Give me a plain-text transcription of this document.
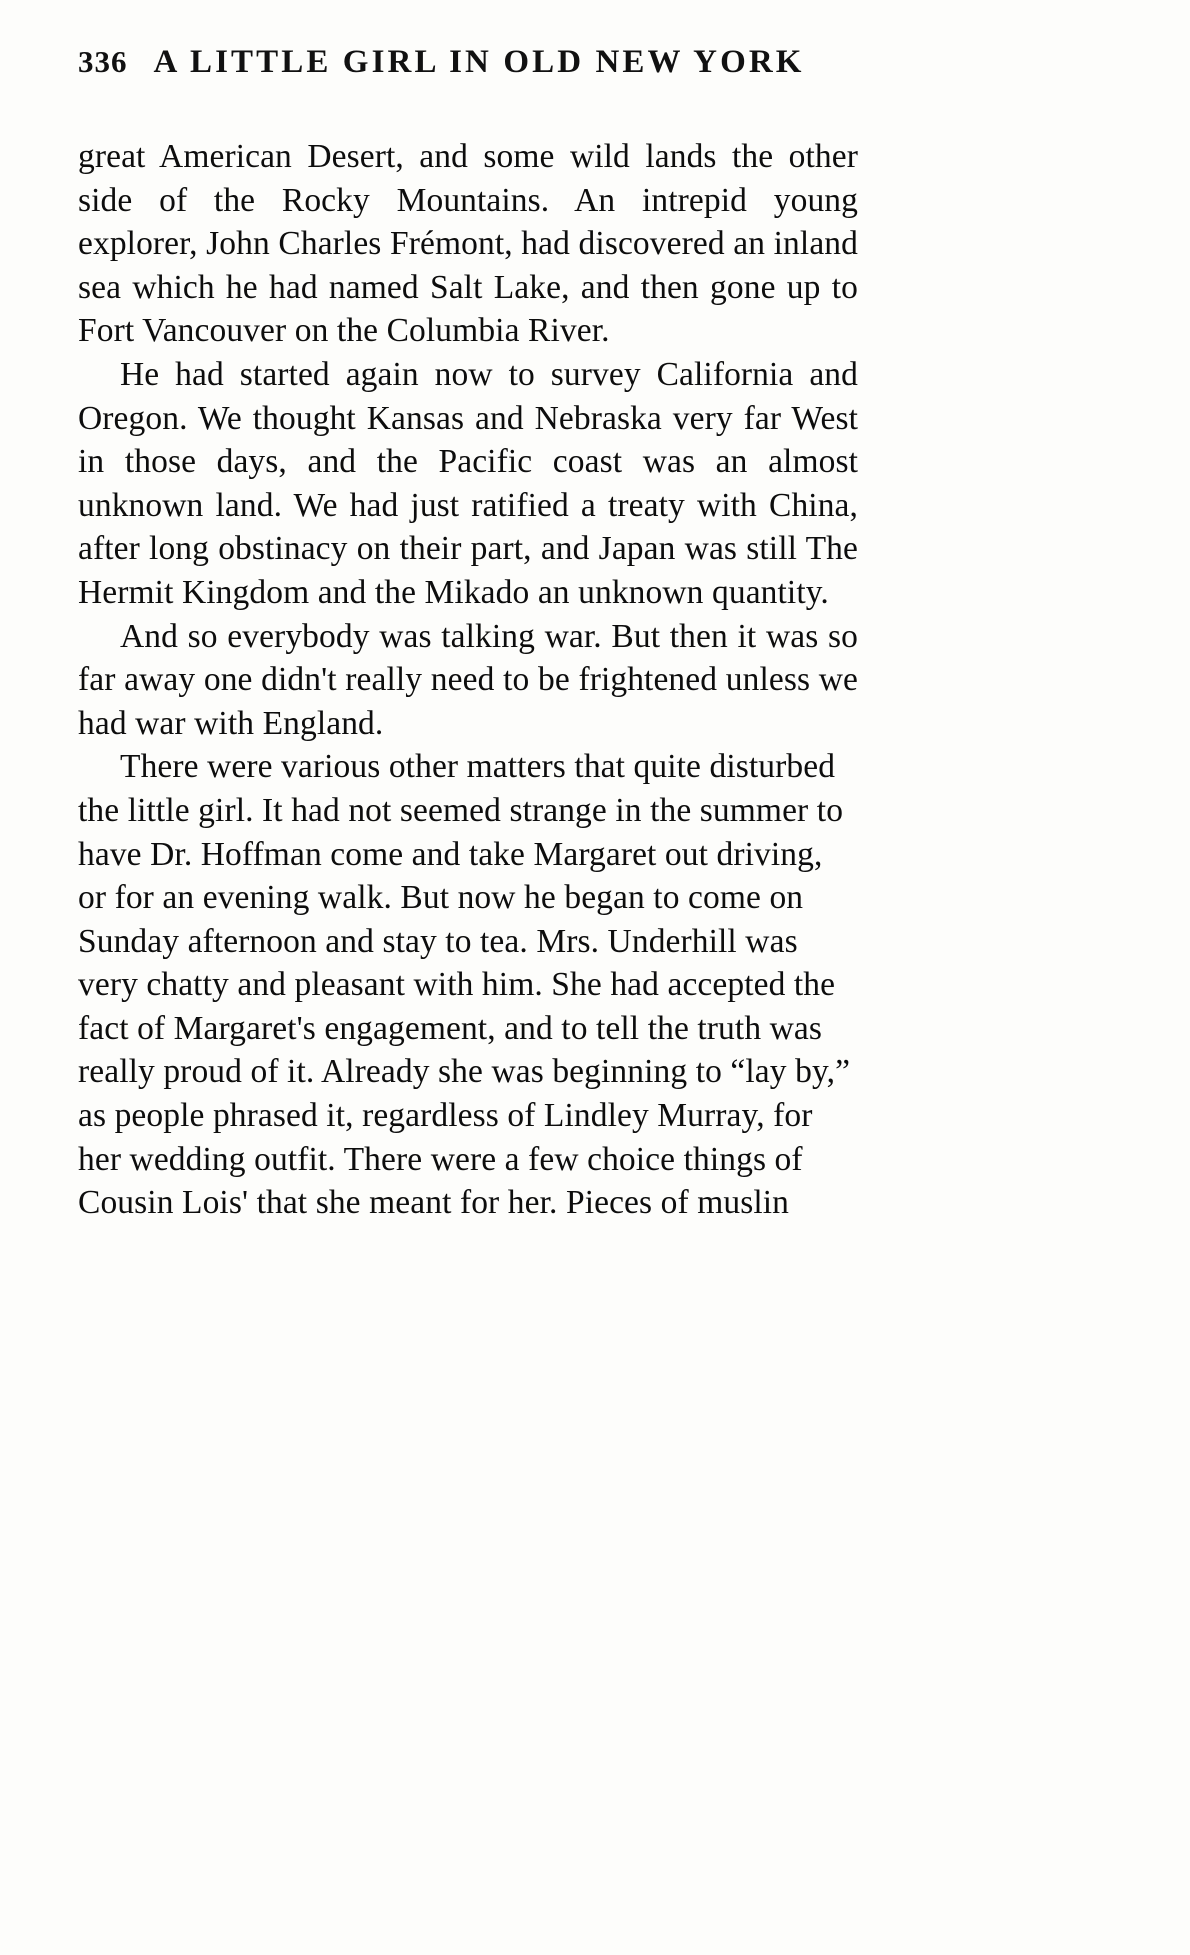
336 A LITTLE GIRL IN OLD NEW YORK

great American Desert, and some wild lands the other side of the Rocky Mountains. An intrepid young explorer, John Charles Frémont, had discovered an inland sea which he had named Salt Lake, and then gone up to Fort Vancouver on the Columbia River.

He had started again now to survey California and Oregon. We thought Kansas and Nebraska very far West in those days, and the Pacific coast was an almost unknown land. We had just ratified a treaty with China, after long obstinacy on their part, and Japan was still The Hermit Kingdom and the Mikado an unknown quantity.

And so everybody was talking war. But then it was so far away one didn't really need to be frightened unless we had war with England.

There were various other matters that quite disturbed the little girl. It had not seemed strange in the summer to have Dr. Hoffman come and take Margaret out driving, or for an evening walk. But now he began to come on Sunday afternoon and stay to tea. Mrs. Underhill was very chatty and pleasant with him. She had accepted the fact of Margaret's engagement, and to tell the truth was really proud of it. Already she was beginning to “lay by,” as people phrased it, regardless of Lindley Murray, for her wedding outfit. There were a few choice things of Cousin Lois' that she meant for her. Pieces of muslin
